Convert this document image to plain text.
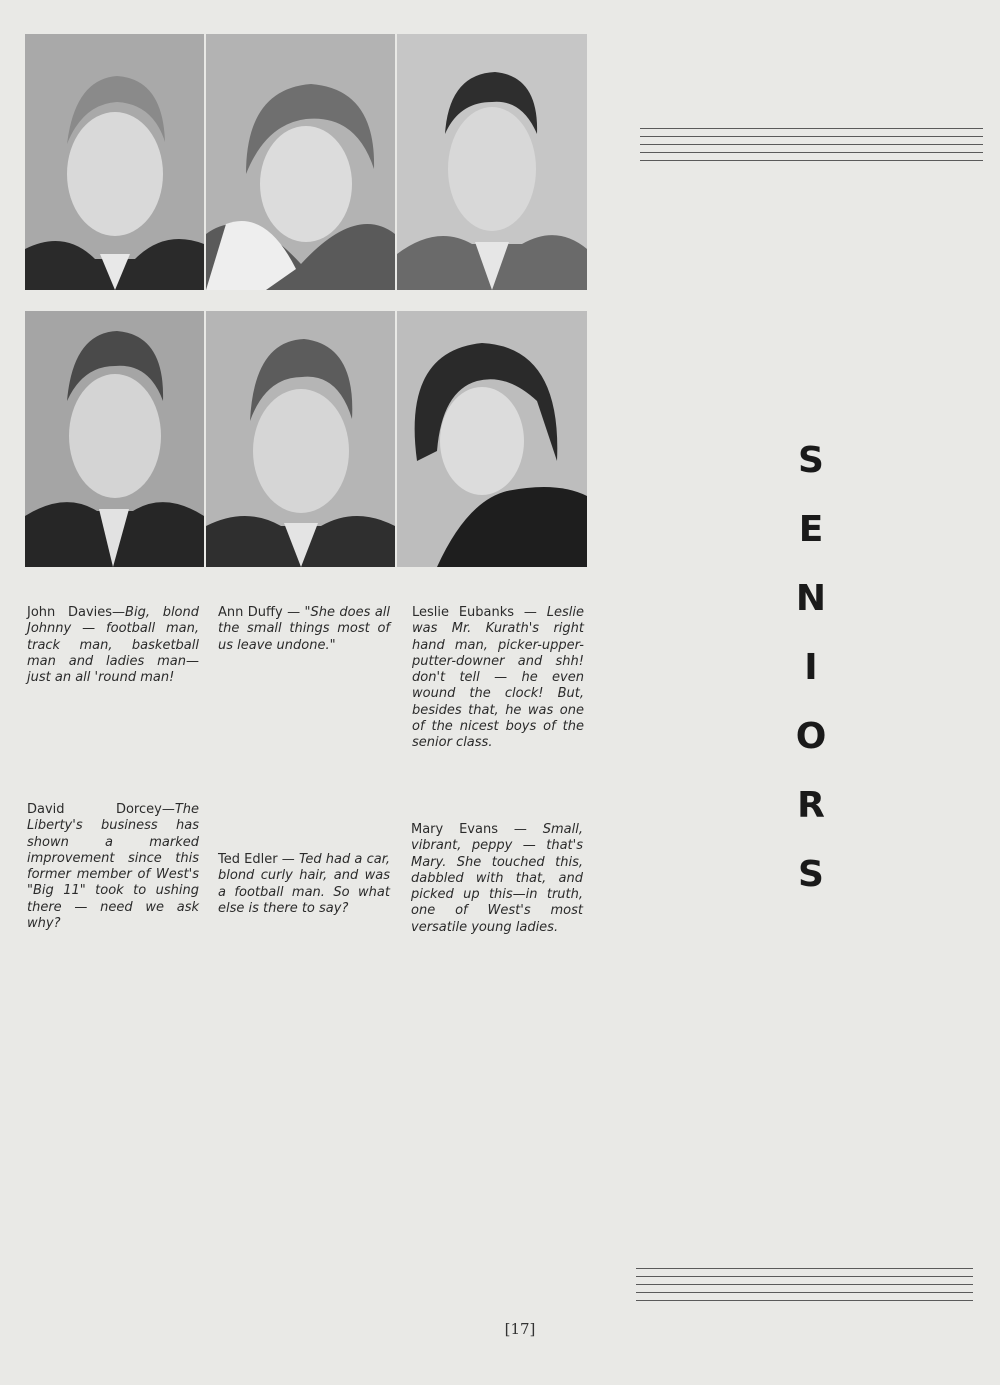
John Davies—Big, blond Johnny — football man, track man, basketball man and ladies man— just an all 'round man!
Ann Duffy — "She does all the small things most of us leave undone."
Leslie Eubanks — Leslie was Mr. Kurath's right hand man, picker-upper-putter-downer and shh! don't tell — he even wound the clock! But, besides that, he was one of the nicest boys of the senior class.
David Dorcey—The Liberty's business has shown a marked improvement since this former member of West's "Big 11" took to ushing there — need we ask why?
Ted Edler — Ted had a car, blond curly hair, and was a football man. So what else is there to say?
Mary Evans — Small, vibrant, peppy — that's Mary. She touched this, dabbled with that, and picked up this—in truth, one of West's most versatile young ladies.
S
E
N
I
O
R
S
[17]
